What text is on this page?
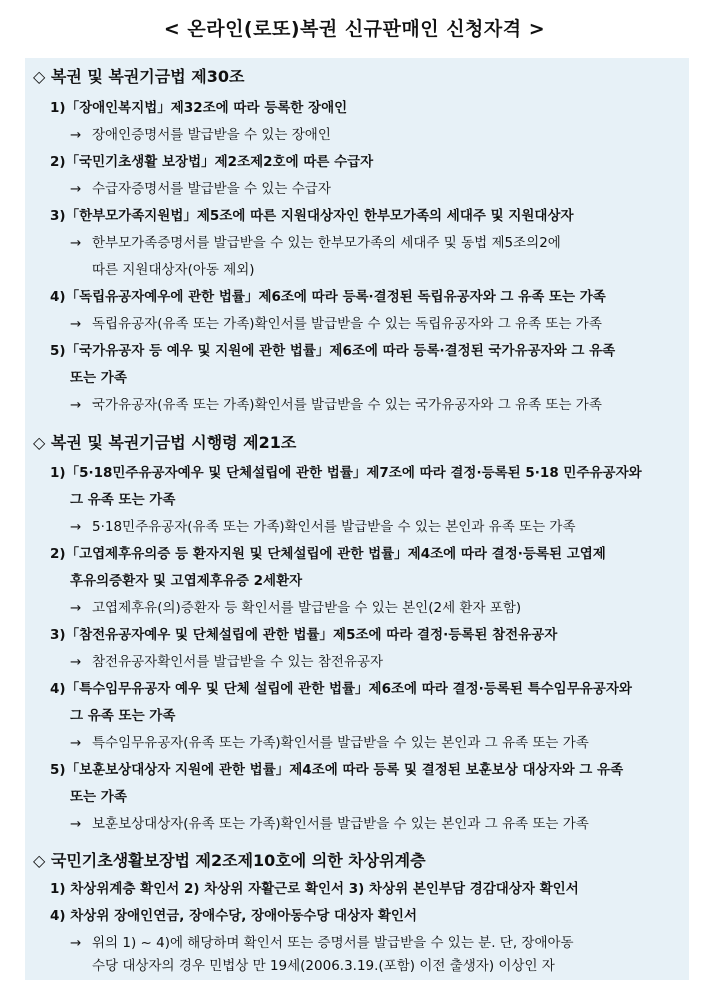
< 온라인(로또)복권 신규판매인 신청자격 >
◇ 복권 및 복권기금법 제30조
1)「장애인복지법」제32조에 따라 등록한 장애인
→ 장애인증명서를 발급받을 수 있는 장애인
2)「국민기초생활 보장법」제2조제2호에 따른 수급자
→ 수급자증명서를 발급받을 수 있는 수급자
3)「한부모가족지원법」제5조에 따른 지원대상자인 한부모가족의 세대주 및 지원대상자
→ 한부모가족증명서를 발급받을 수 있는 한부모가족의 세대주 및 동법 제5조의2에
따른 지원대상자(아동 제외)
4)「독립유공자예우에 관한 법률」제6조에 따라 등록·결정된 독립유공자와 그 유족 또는 가족
→ 독립유공자(유족 또는 가족)확인서를 발급받을 수 있는 독립유공자와 그 유족 또는 가족
5)「국가유공자 등 예우 및 지원에 관한 법률」제6조에 따라 등록·결정된 국가유공자와 그 유족
또는 가족
→ 국가유공자(유족 또는 가족)확인서를 발급받을 수 있는 국가유공자와 그 유족 또는 가족
◇ 복권 및 복권기금법 시행령 제21조
1)「5·18민주유공자예우 및 단체설립에 관한 법률」제7조에 따라 결정·등록된 5·18 민주유공자와
그 유족 또는 가족
→ 5·18민주유공자(유족 또는 가족)확인서를 발급받을 수 있는 본인과 유족 또는 가족
2)「고엽제후유의증 등 환자지원 및 단체설립에 관한 법률」제4조에 따라 결정·등록된 고엽제
후유의증환자 및 고엽제후유증 2세환자
→ 고엽제후유(의)증환자 등 확인서를 발급받을 수 있는 본인(2세 환자 포함)
3)「참전유공자예우 및 단체설립에 관한 법률」제5조에 따라 결정·등록된 참전유공자
→ 참전유공자확인서를 발급받을 수 있는 참전유공자
4)「특수임무유공자 예우 및 단체 설립에 관한 법률」제6조에 따라 결정·등록된 특수임무유공자와
그 유족 또는 가족
→ 특수임무유공자(유족 또는 가족)확인서를 발급받을 수 있는 본인과 그 유족 또는 가족
5)「보훈보상대상자 지원에 관한 법률」제4조에 따라 등록 및 결정된 보훈보상 대상자와 그 유족
또는 가족
→ 보훈보상대상자(유족 또는 가족)확인서를 발급받을 수 있는 본인과 그 유족 또는 가족
◇ 국민기초생활보장법 제2조제10호에 의한 차상위계층
1) 차상위계층 확인서 2) 차상위 자활근로 확인서 3) 차상위 본인부담 경감대상자 확인서
4) 차상위 장애인연금, 장애수당, 장애아동수당 대상자 확인서
→ 위의 1) ~ 4)에 해당하며 확인서 또는 증명서를 발급받을 수 있는 분. 단, 장애아동
수당 대상자의 경우 민법상 만 19세(2006.3.19.(포함) 이전 출생자) 이상인 자
